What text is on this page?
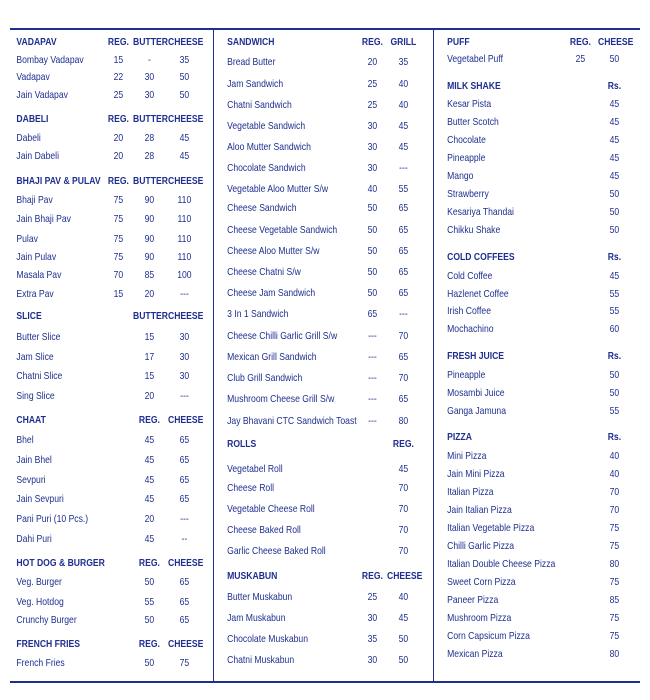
VADAPAV	REG. BUTTER CHEESE
Bombay Vadapav	15	-	35
Vadapav	22	30	50
Jain Vadapav	25	30	50
DABELI	REG. BUTTER CHEESE
Dabeli	20	28	45
Jain Dabeli	20	28	45
BHAJI PAV & PULAV REG. BUTTER CHEESE
Bhaji Pav	75	90	110
Jain Bhaji Pav	75	90	110
Pulav	75	90	110
Jain Pulav	75	90	110
Masala Pav	70	85	100
Extra Pav	15	20	---
SLICE	BUTTER CHEESE
Butter Slice	15	30
Jam Slice	17	30
Chatni Slice	15	30
Sing Slice	20	---
CHAAT	REG. CHEESE
Bhel	45	65
Jain Bhel	45	65
Sevpuri	45	65
Jain Sevpuri	45	65
Pani Puri (10 Pcs.)	20	---
Dahi Puri	45	--
HOT DOG & BURGER	REG. CHEESE
Veg. Burger	50	65
Veg. Hotdog	55	65
Crunchy Burger	50	65
FRENCH FRIES	REG. CHEESE
French Fries	50	75
SANDWICH	REG. GRILL
Bread Butter	20	35
Jam Sandwich	25	40
Chatni Sandwich	25	40
Vegetable Sandwich	30	45
Aloo Mutter Sandwich	30	45
Chocolate Sandwich	30	---
Vegetable Aloo Mutter S/w	40	55
Cheese Sandwich	50	65
Cheese Vegetable Sandwich	50	65
Cheese Aloo Mutter S/w	50	65
Cheese Chatni S/w	50	65
Cheese Jam Sandwich	50	65
3 In 1 Sandwich	65	---
Cheese Chilli Garlic Grill S/w	---	70
Mexican Grill Sandwich	---	65
Club Grill Sandwich	---	70
Mushroom Cheese Grill S/w	---	65
Jay Bhavani CTC Sandwich Toast	---	80
ROLLS	REG.
Vegetabel Roll	45
Cheese Roll	70
Vegetable Cheese Roll	70
Cheese Baked Roll	70
Garlic Cheese Baked Roll	70
MUSKABUN	REG. CHEESE
Butter Muskabun	25	40
Jam Muskabun	30	45
Chocolate Muskabun	35	50
Chatni Muskabun	30	50
PUFF	REG. CHEESE
Vegetabel Puff	25	50
MILK SHAKE	Rs.
Kesar Pista	45
Butter Scotch	45
Chocolate	45
Pineapple	45
Mango	45
Strawberry	50
Kesariya Thandai	50
Chikku Shake	50
COLD COFFEES	Rs.
Cold Coffee	45
Hazlenet Coffee	55
Irish Coffee	55
Mochachino	60
FRESH JUICE	Rs.
Pineapple	50
Mosambi Juice	50
Ganga Jamuna	55
PIZZA	Rs.
Mini Pizza	40
Jain Mini Pizza	40
Italian Pizza	70
Jain Italian Pizza	70
Italian Vegetable Pizza	75
Chilli Garlic Pizza	75
Italian Double Cheese Pizza	80
Sweet Corn Pizza	75
Paneer Pizza	85
Mushroom Pizza	75
Corn Capsicum Pizza	75
Mexican Pizza	80
